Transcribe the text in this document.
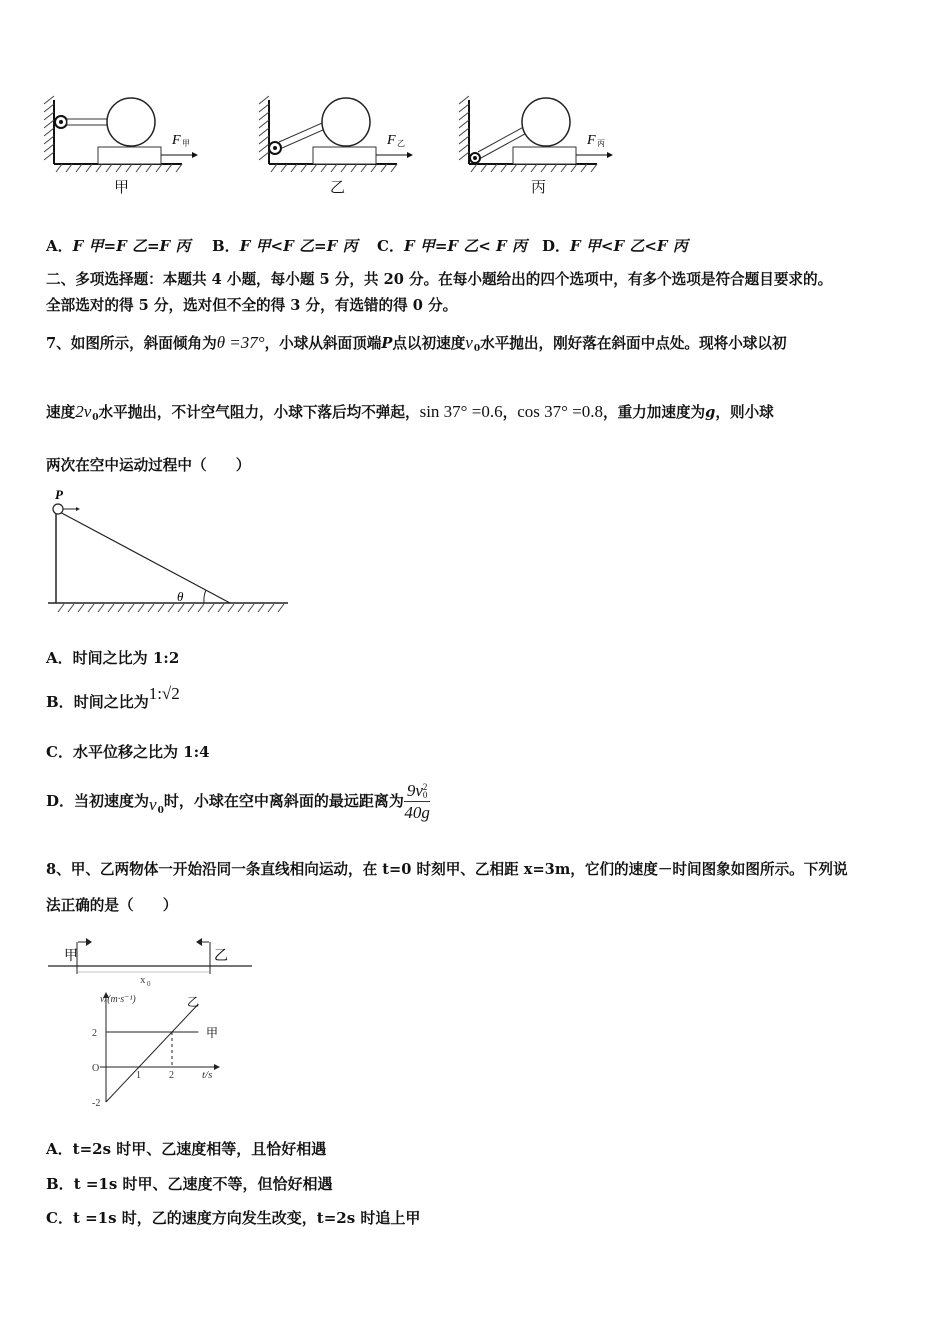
F 甲	F 乙	F 丙
甲	乙	丙
A．F 甲=F 乙=F 丙 B．F 甲<F 乙=F 丙 C．F 甲=F 乙< F 丙 D．F 甲<F 乙<F 丙
二、多项选择题：本题共 4 小题，每小题 5 分，共 20 分。在每小题给出的四个选项中，有多个选项是符合题目要求的。
全部选对的得 5 分，选对但不全的得 3 分，有选错的得 0 分。
7、如图所示，斜面倾角为θ =37°，小球从斜面顶端P点以初速度$v_0$水平抛出，刚好落在斜面中点处。现将小球以初
速度$2v_0$水平抛出，不计空气阻力，小球下落后均不弹起，sin 37° =0.6，cos 37° =0.8，重力加速度为g，则小球
两次在空中运动过程中（　　）
P
θ
A．时间之比为 1:2
B．时间之比为1:√2
C．水平位移之比为 1:4
D．当初速度为$v_0$时，小球在空中离斜面的最远距离为 9v 2
0
40g
8、甲、乙两物体一开始沿同一条直线相向运动，在 t=0 时刻甲、乙相距 x=3m，它们的速度－时间图象如图所示。下列说
法正确的是（　　）
甲	乙
x 0
v/(m·s⁻¹)
t/s
2
O
-2
1	2
乙
甲
A．t=2s 时甲、乙速度相等，且恰好相遇
B．t =1s 时甲、乙速度不等，但恰好相遇
C．t =1s 时，乙的速度方向发生改变，t=2s 时追上甲
